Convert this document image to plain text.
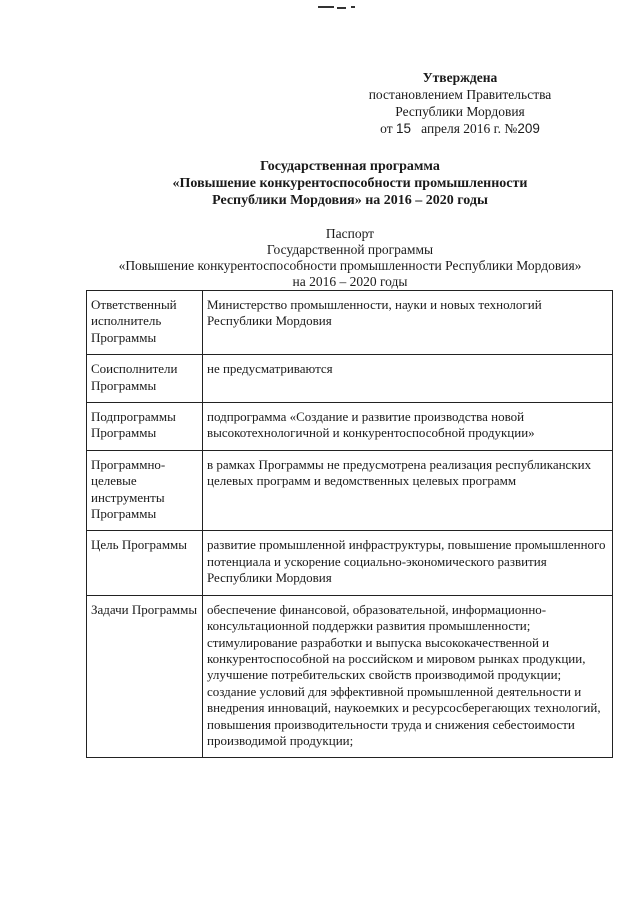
Утверждена
постановлением Правительства
Республики Мордовия
от 15 апреля 2016 г. №209
Государственная программа
«Повышение конкурентоспособности промышленности
Республики Мордовия» на 2016 – 2020 годы
Паспорт
Государственной программы
«Повышение конкурентоспособности промышленности Республики Мордовия»
на 2016 – 2020 годы
Ответственный исполнитель Программы	Министерство промышленности, науки и новых технологий Республики Мордовия

Соисполнители Программы	не предусматриваются

Подпрограммы Программы	подпрограмма «Создание и развитие производства новой высокотехнологичной и конкурентоспособной продукции»

Программно-целевые инструменты Программы	в рамках Программы не предусмотрена реализация республиканских целевых программ и ведомственных целевых программ

Цель Программы	развитие промышленной инфраструктуры, повышение промышленного потенциала и ускорение социально-экономического развития Республики Мордовия

Задачи Программы	обеспечение финансовой, образовательной, информационно-консультационной поддержки развития промышленности;
стимулирование разработки и выпуска высококачественной и конкурентоспособной на российском и мировом рынках продукции, улучшение потребительских свойств производимой продукции;
создание условий для эффективной промышленной деятельности и внедрения инноваций, наукоемких и ресурсосберегающих технологий, повышения производительности труда и снижения себестоимости производимой продукции;
